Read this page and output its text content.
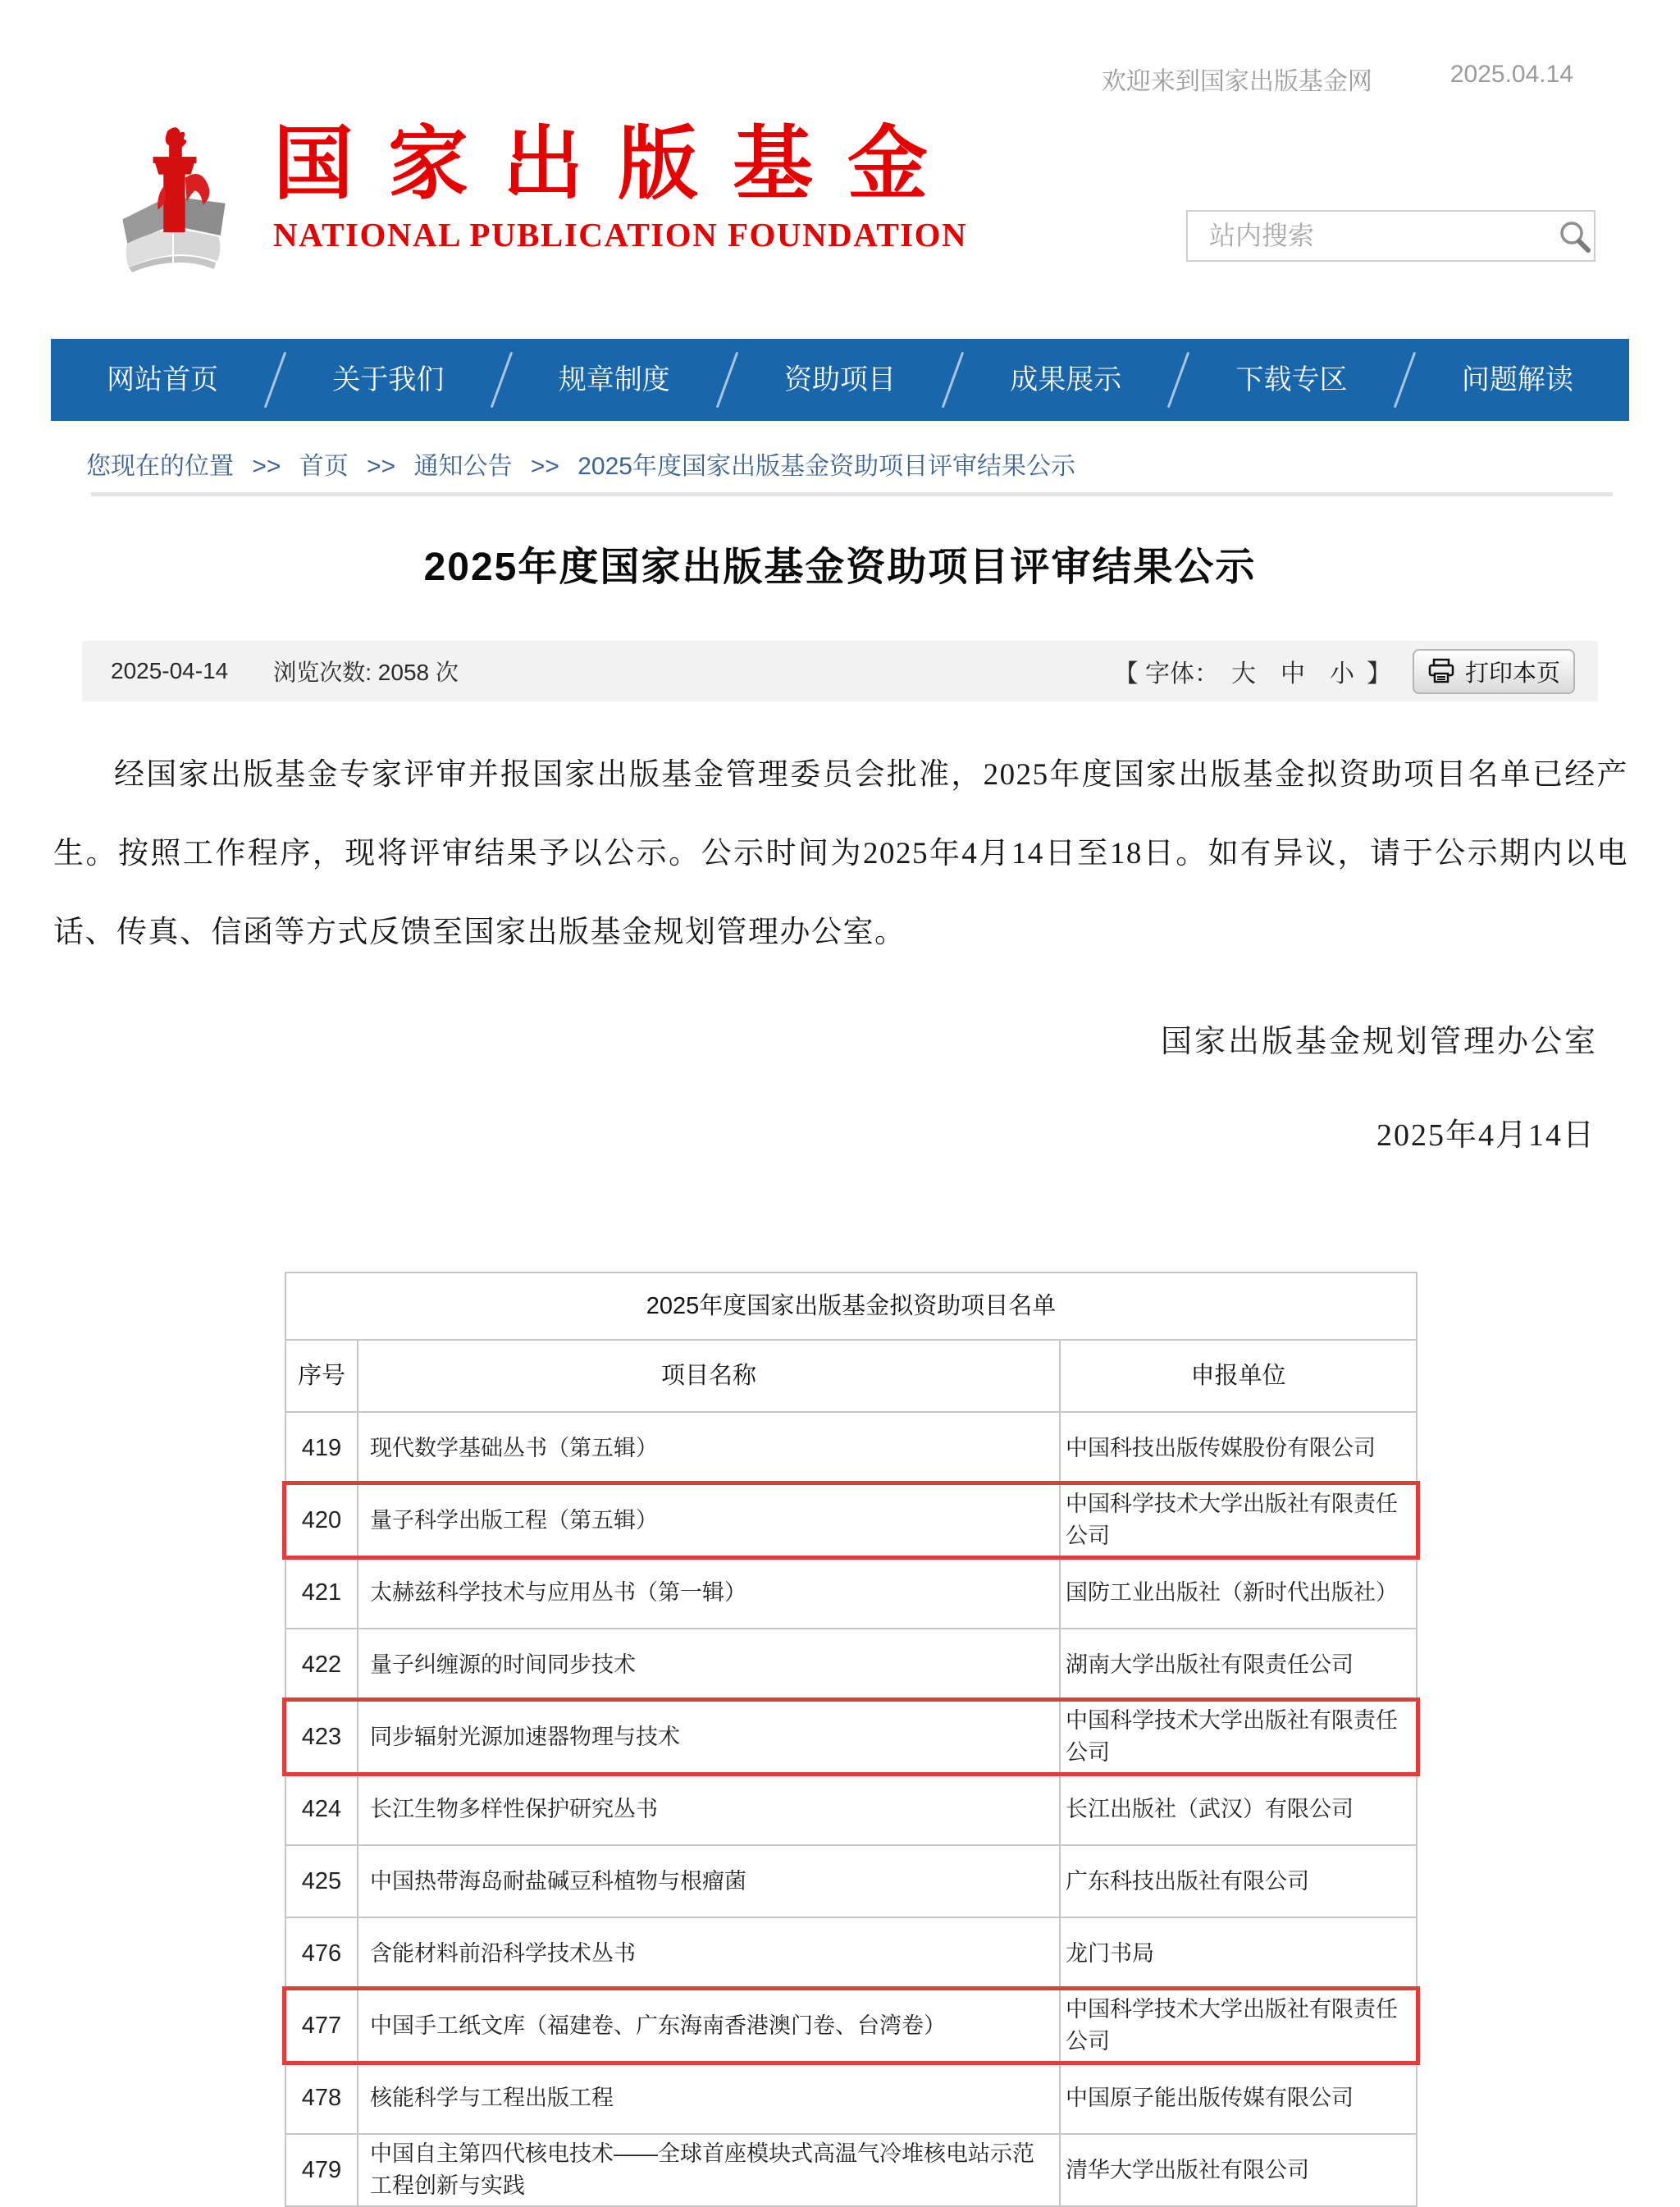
欢迎来到国家出版基金网	2025.04.14
国家出版基金
NATIONAL PUBLICATION FOUNDATION
站内搜索
网站首页	关于我们	规章制度	资助项目	成果展示	下载专区	问题解读
您现在的位置 >> 首页 >> 通知公告 >> 2025年度国家出版基金资助项目评审结果公示
2025年度国家出版基金资助项目评审结果公示
2025-04-14 浏览次数: 2058 次	【 字体： 大 中 小 】	打印本页
经国家出版基金专家评审并报国家出版基金管理委员会批准，2025年度国家出版基金拟资助项目名单已经产生。按照工作程序，现将评审结果予以公示。公示时间为2025年4月14日至18日。如有异议，请于公示期内以电话、传真、信函等方式反馈至国家出版基金规划管理办公室。
国家出版基金规划管理办公室
2025年4月14日
2025年度国家出版基金拟资助项目名单		
序号	项目名称	申报单位
419	现代数学基础丛书（第五辑）	中国科技出版传媒股份有限公司
420	量子科学出版工程（第五辑）	中国科学技术大学出版社有限责任公司
421	太赫兹科学技术与应用丛书（第一辑）	国防工业出版社（新时代出版社）
422	量子纠缠源的时间同步技术	湖南大学出版社有限责任公司
423	同步辐射光源加速器物理与技术	中国科学技术大学出版社有限责任公司
424	长江生物多样性保护研究丛书	长江出版社（武汉）有限公司
425	中国热带海岛耐盐碱豆科植物与根瘤菌	广东科技出版社有限公司
476	含能材料前沿科学技术丛书	龙门书局
477	中国手工纸文库（福建卷、广东海南香港澳门卷、台湾卷）	中国科学技术大学出版社有限责任公司
478	核能科学与工程出版工程	中国原子能出版传媒有限公司
479	中国自主第四代核电技术——全球首座模块式高温气冷堆核电站示范工程创新与实践	清华大学出版社有限公司
